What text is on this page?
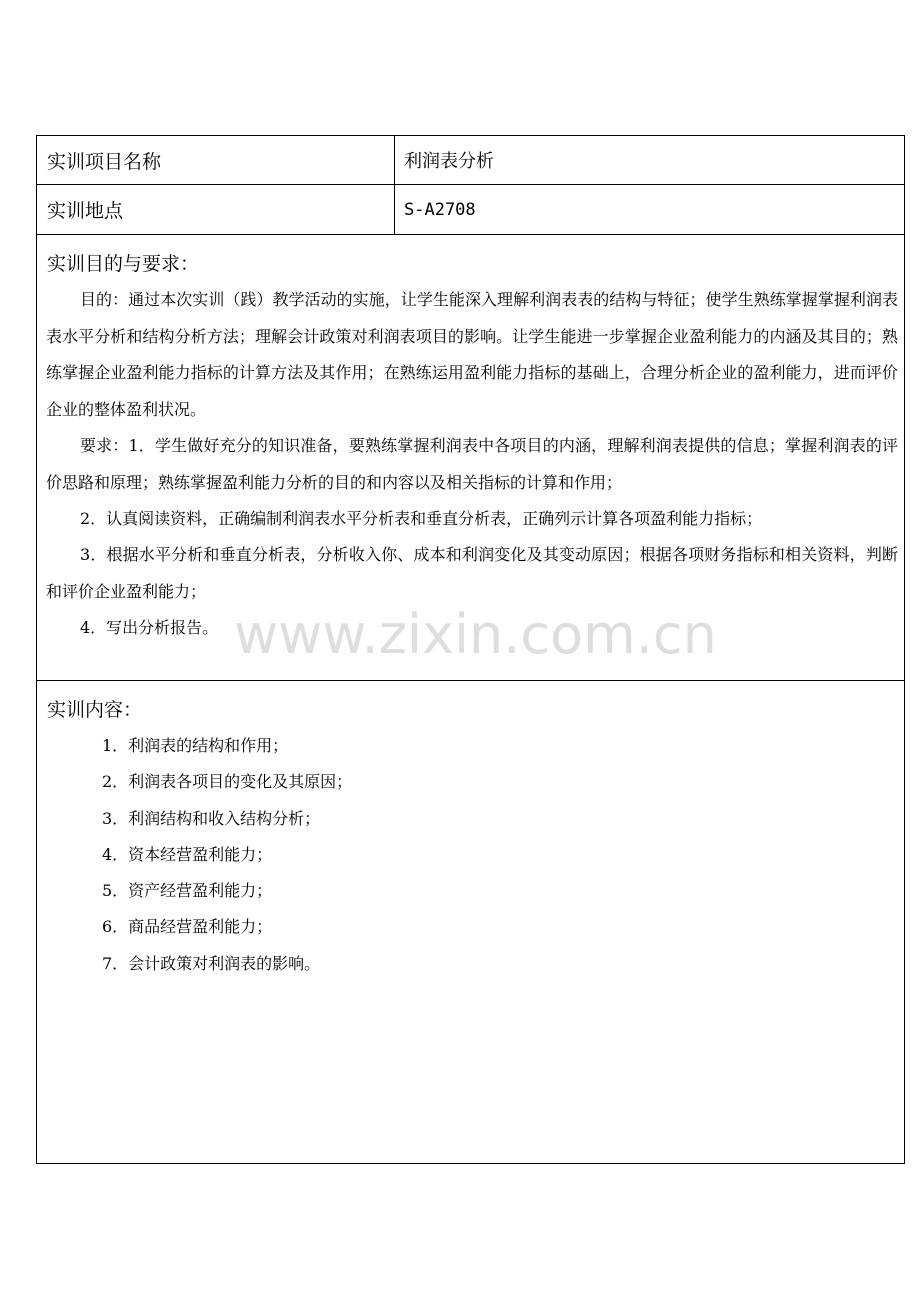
实训项目名称	利润表分析
实训地点	S-A2708
实训目的与要求：

目的：通过本次实训（践）教学活动的实施，让学生能深入理解利润表表的结构与特征；使学生熟练掌握掌握利润表表水平分析和结构分析方法；理解会计政策对利润表项目的影响。让学生能进一步掌握企业盈利能力的内涵及其目的；熟练掌握企业盈利能力指标的计算方法及其作用；在熟练运用盈利能力指标的基础上，合理分析企业的盈利能力，进而评价企业的整体盈利状况。

要求：1．学生做好充分的知识准备，要熟练掌握利润表中各项目的内涵，理解利润表提供的信息；掌握利润表的评价思路和原理；熟练掌握盈利能力分析的目的和内容以及相关指标的计算和作用；

2．认真阅读资料，正确编制利润表水平分析表和垂直分析表，正确列示计算各项盈利能力指标；

3．根据水平分析和垂直分析表，分析收入你、成本和利润变化及其变动原因；根据各项财务指标和相关资料，判断和评价企业盈利能力；

4．写出分析报告。

实训内容：
1．利润表的结构和作用；
2．利润表各项目的变化及其原因；
3．利润结构和收入结构分析；
4．资本经营盈利能力；
5．资产经营盈利能力；
6．商品经营盈利能力；
7．会计政策对利润表的影响。
www.zixin.com.cn
